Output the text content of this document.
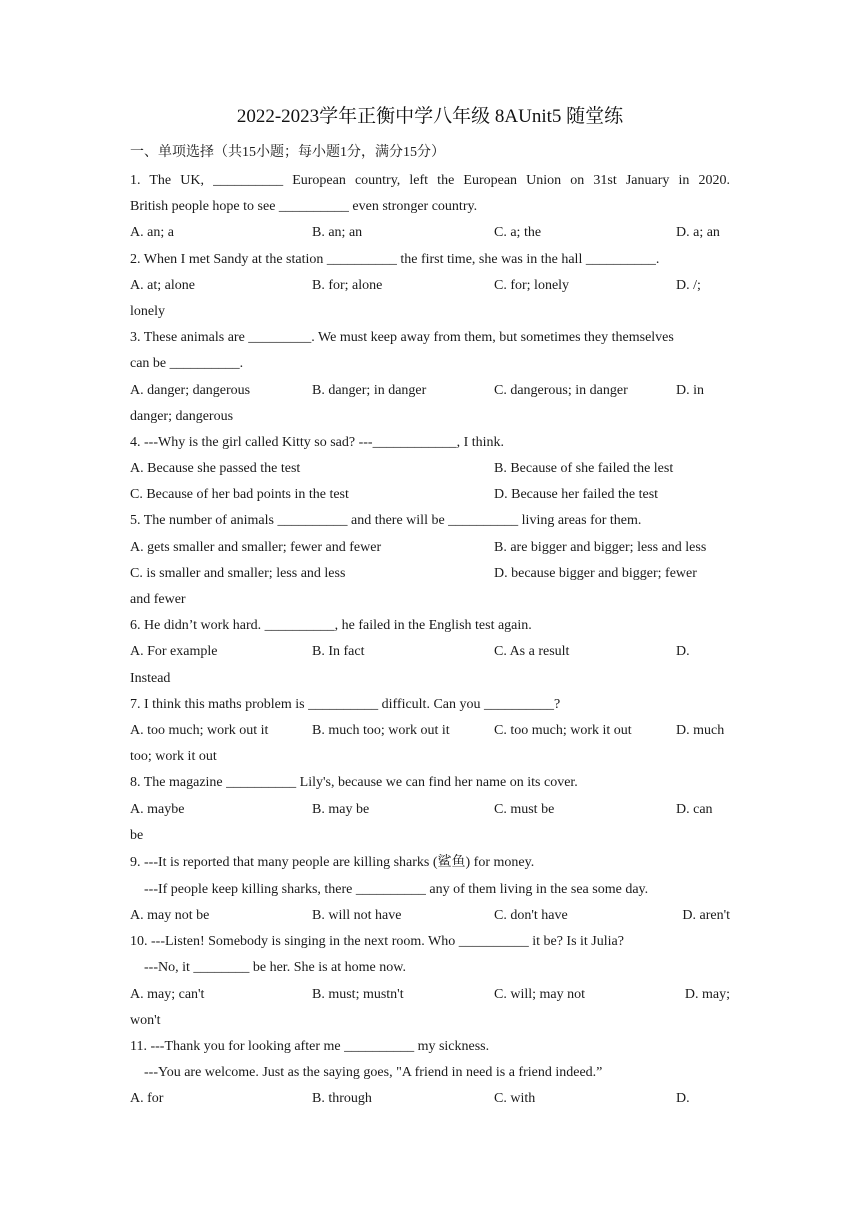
2022-2023学年正衡中学八年级 8AUnit5 随堂练
一、单项选择（共15小题；每小题1分，满分15分）
1. The UK, __________ European country, left the European Union on 31st January in 2020.
British people hope to see __________ even stronger country.
A. an; a	B. an; an	C. a; the	D. a; an
2. When I met Sandy at the station __________ the first time, she was in the hall __________.
A. at; alone	B. for; alone	C. for; lonely	D. /;
lonely
3. These animals are _________. We must keep away from them, but sometimes they themselves
can be __________.
A. danger; dangerous	B. danger; in danger	C. dangerous; in danger	D. in
danger; dangerous
4. ---Why is the girl called Kitty so sad? ---____________, I think.
A. Because she passed the test	B. Because of she failed the lest
C. Because of her bad points in the test	D. Because her failed the test
5. The number of animals __________ and there will be __________ living areas for them.
A. gets smaller and smaller; fewer and fewer	B. are bigger and bigger; less and less
C. is smaller and smaller; less and less	D. because bigger and bigger; fewer
and fewer
6. He didn’t work hard. __________, he failed in the English test again.
A. For example	B. In fact	C. As a result	D.
Instead
7. I think this maths problem is __________ difficult. Can you __________?
A. too much; work out it	B. much too; work out it	C. too much; work it out	D. much
too; work it out
8. The magazine __________ Lily's, because we can find her name on its cover.
A. maybe	B. may be	C. must be	D. can
be
9. ---It is reported that many people are killing sharks (鲨鱼) for money.
---If people keep killing sharks, there __________ any of them living in the sea some day.
A. may not be	B. will not have	C. don't have	D. aren't
10. ---Listen! Somebody is singing in the next room. Who __________ it be? Is it Julia?
---No, it ________ be her. She is at home now.
A. may; can't	B. must; mustn't	C. will; may not	D. may;
won't
11. ---Thank you for looking after me __________ my sickness.
---You are welcome. Just as the saying goes, "A friend in need is a friend indeed.”
A. for	B. through	C. with	D.
